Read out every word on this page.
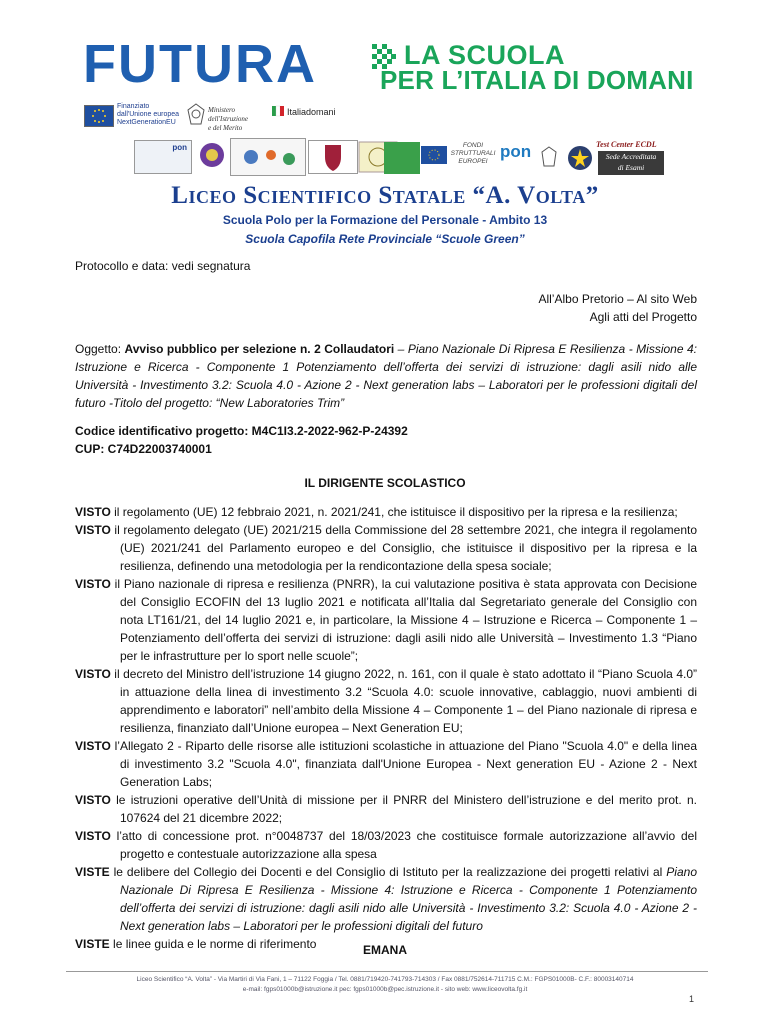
FUTURA	LA SCUOLA
PER L’ITALIA DI DOMANI
Finanziato
dall'Unione europea
NextGenerationEU
Ministero dell'Istruzione
e del Merito
Italiadomani
pon	FONDI
STRUTTURALI
EUROPEI
pon	Test Center ECDL
Sede Accreditata
di Esami
Liceo Scientifico Statale “A. Volta”
Scuola Polo per la Formazione del Personale - Ambito 13
Scuola Capofila Rete Provinciale “Scuole Green”
Protocollo e data: vedi segnatura
All’Albo Pretorio – Al sito Web
Agli atti del Progetto
Oggetto: Avviso pubblico per selezione n. 2 Collaudatori – Piano Nazionale Di Ripresa E Resilienza - Missione 4: Istruzione e Ricerca - Componente 1 Potenziamento dell’offerta dei servizi di istruzione: dagli asili nido alle Università - Investimento 3.2: Scuola 4.0 - Azione 2 - Next generation labs – Laboratori per le professioni digitali del futuro -Titolo del progetto: “New Laboratories Trim”
Codice identificativo progetto: M4C1I3.2-2022-962-P-24392
CUP: C74D22003740001
IL DIRIGENTE SCOLASTICO
VISTO il regolamento (UE) 12 febbraio 2021, n. 2021/241, che istituisce il dispositivo per la ripresa e la resilienza;
VISTO il regolamento delegato (UE) 2021/215 della Commissione del 28 settembre 2021, che integra il regolamento (UE) 2021/241 del Parlamento europeo e del Consiglio, che istituisce il dispositivo per la ripresa e la resilienza, definendo una metodologia per la rendicontazione della spesa sociale;
VISTO il Piano nazionale di ripresa e resilienza (PNRR), la cui valutazione positiva è stata approvata con Decisione del Consiglio ECOFIN del 13 luglio 2021 e notificata all’Italia dal Segretariato generale del Consiglio con nota LT161/21, del 14 luglio 2021 e, in particolare, la Missione 4 – Istruzione e Ricerca – Componente 1 – Potenziamento dell’offerta dei servizi di istruzione: dagli asili nido alle Università – Investimento 1.3 “Piano per le infrastrutture per lo sport nelle scuole”;
VISTO il decreto del Ministro dell’istruzione 14 giugno 2022, n. 161, con il quale è stato adottato il “Piano Scuola 4.0” in attuazione della linea di investimento 3.2 “Scuola 4.0: scuole innovative, cablaggio, nuovi ambienti di apprendimento e laboratori” nell’ambito della Missione 4 – Componente 1 – del Piano nazionale di ripresa e resilienza, finanziato dall’Unione europea – Next Generation EU;
VISTO l’Allegato 2 - Riparto delle risorse alle istituzioni scolastiche in attuazione del Piano "Scuola 4.0" e della linea di investimento 3.2 "Scuola 4.0", finanziata dall'Unione Europea - Next generation EU - Azione 2 - Next Generation Labs;
VISTO le istruzioni operative dell’Unità di missione per il PNRR del Ministero dell’istruzione e del merito prot. n. 107624 del 21 dicembre 2022;
VISTO l’atto di concessione prot. n°0048737 del 18/03/2023 che costituisce formale autorizzazione all’avvio del progetto e contestuale autorizzazione alla spesa
VISTE le delibere del Collegio dei Docenti e del Consiglio di Istituto per la realizzazione dei progetti relativi al Piano Nazionale Di Ripresa E Resilienza - Missione 4: Istruzione e Ricerca - Componente 1 Potenziamento dell’offerta dei servizi di istruzione: dagli asili nido alle Università - Investimento 3.2: Scuola 4.0 - Azione 2 - Next generation labs – Laboratori per le professioni digitali del futuro
VISTE le linee guida e le norme di riferimento	EMANA
Liceo Scientifico “A. Volta” - Via Martiri di Via Fani, 1 – 71122 Foggia / Tel. 0881/719420-741793-714303 / Fax 0881/752614-711715 C.M.: FGPS01000B- C.F.: 80003140714
e-mail: fgps01000b@istruzione.it pec: fgps01000b@pec.istruzione.it - sito web: www.liceovolta.fg.it
1
